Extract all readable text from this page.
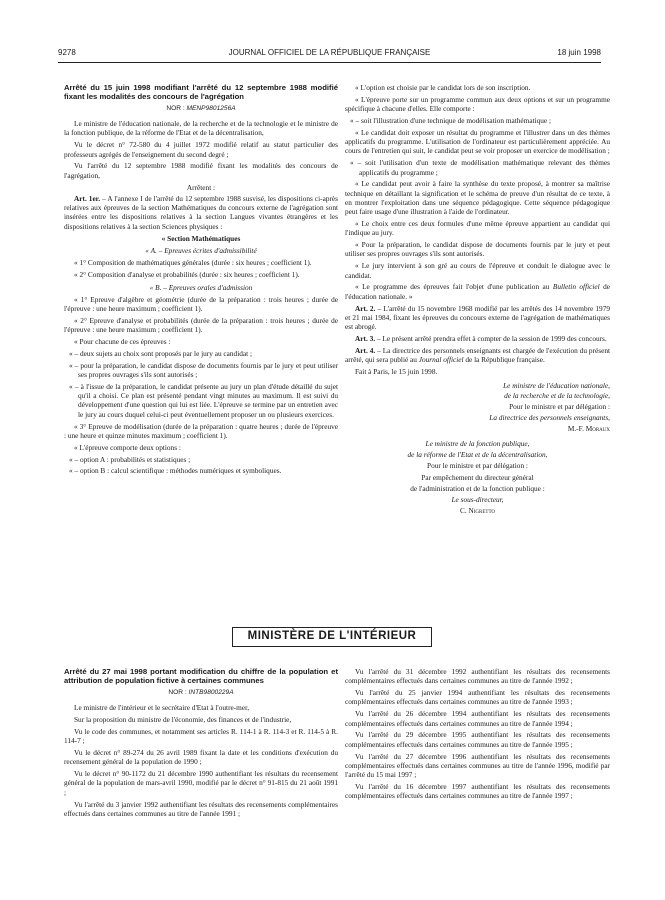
9278	JOURNAL OFFICIEL DE LA RÉPUBLIQUE FRANÇAISE	18 juin 1998
Arrêté du 15 juin 1998 modifiant l'arrêté du 12 septembre 1988 modifié fixant les modalités des concours de l'agrégation
NOR : MENP9801256A

Le ministre de l'éducation nationale, de la recherche et de la technologie et le ministre de la fonction publique, de la réforme de l'Etat et de la décentralisation,

Vu le décret n° 72-580 du 4 juillet 1972 modifié relatif au statut particulier des professeurs agrégés de l'enseignement du second degré ;

Vu l'arrêté du 12 septembre 1988 modifié fixant les modalités des concours de l'agrégation,

Arrêtent :

Art. 1er. – A l'annexe I de l'arrêté du 12 septembre 1988 susvisé, les dispositions ci-après relatives aux épreuves de la section Mathématiques du concours externe de l'agrégation sont insérées entre les dispositions relatives à la section Langues vivantes étrangères et les dispositions relatives à la section Sciences physiques :

« Section Mathématiques
« A. – Epreuves écrites d'admissibilité

« 1° Composition de mathématiques générales (durée : six heures ; coefficient 1).

« 2° Composition d'analyse et probabilités (durée : six heures ; coefficient 1).

« B. – Epreuves orales d'admission

« 1° Epreuve d'algèbre et géométrie (durée de la préparation : trois heures ; durée de l'épreuve : une heure maximum ; coefficient 1).

« 2° Epreuve d'analyse et probabilités (durée de la préparation : trois heures ; durée de l'épreuve : une heure maximum ; coefficient 1).

« Pour chacune de ces épreuves :

« – deux sujets au choix sont proposés par le jury au candidat ;

« – pour la préparation, le candidat dispose de documents fournis par le jury et peut utiliser ses propres ouvrages s'ils sont autorisés ;

« – à l'issue de la préparation, le candidat présente au jury un plan d'étude détaillé du sujet qu'il a choisi. Ce plan est présenté pendant vingt minutes au maximum. Il est suivi du développement d'une question qui lui est liée. L'épreuve se termine par un entretien avec le jury au cours duquel celui-ci peut éventuellement proposer un ou plusieurs exercices.

« 3° Epreuve de modélisation (durée de la préparation : quatre heures ; durée de l'épreuve : une heure et quinze minutes maximum ; coefficient 1).

« L'épreuve comporte deux options :

« – option A : probabilités et statistiques ;

« – option B : calcul scientifique : méthodes numériques et symboliques.

« L'option est choisie par le candidat lors de son inscription.

« L'épreuve porte sur un programme commun aux deux options et sur un programme spécifique à chacune d'elles. Elle comporte :

« – soit l'illustration d'une technique de modélisation mathématique ;

« Le candidat doit exposer un résultat du programme et l'illustrer dans un des thèmes applicatifs du programme. L'utilisation de l'ordinateur est particulièrement appréciée. Au cours de l'entretien qui suit, le candidat peut se voir proposer un exercice de modélisation ;

« – soit l'utilisation d'un texte de modélisation mathématique relevant des thèmes applicatifs du programme ;

« Le candidat peut avoir à faire la synthèse du texte proposé, à montrer sa maîtrise technique en détaillant la signification et le schéma de preuve d'un résultat de ce texte, à en montrer l'exploitation dans une séquence pédagogique. Cette séquence pédagogique peut faire usage d'une illustration à l'aide de l'ordinateur.

« Le choix entre ces deux formules d'une même épreuve appartient au candidat qui l'indique au jury.

« Pour la préparation, le candidat dispose de documents fournis par le jury et peut utiliser ses propres ouvrages s'ils sont autorisés.

« Le jury intervient à son gré au cours de l'épreuve et conduit le dialogue avec le candidat.

« Le programme des épreuves fait l'objet d'une publication au Bulletin officiel de l'éducation nationale. »

Art. 2. – L'arrêté du 15 novembre 1968 modifié par les arrêtés des 14 novembre 1979 et 21 mai 1984, fixant les épreuves du concours externe de l'agrégation de mathématiques est abrogé.

Art. 3. – Le présent arrêté prendra effet à compter de la session de 1999 des concours.

Art. 4. – La directrice des personnels enseignants est chargée de l'exécution du présent arrêté, qui sera publié au Journal officiel de la République française.

Fait à Paris, le 15 juin 1998.

Le ministre de l'éducation nationale,

de la recherche et de la technologie,

Pour le ministre et par délégation :

La directrice des personnels enseignants,

M.-F. Moraux

Le ministre de la fonction publique,

de la réforme de l'Etat et de la décentralisation,

Pour le ministre et par délégation :

Par empêchement du directeur général

de l'administration et de la fonction publique :

Le sous-directeur,

C. Nigretto

MINISTÈRE DE L'INTÉRIEUR
Arrêté du 27 mai 1998 portant modification du chiffre de la population et attribution de population fictive à certaines communes
NOR : INTB9800229A

Le ministre de l'intérieur et le secrétaire d'Etat à l'outre-mer,

Sur la proposition du ministre de l'économie, des finances et de l'industrie,

Vu le code des communes, et notamment ses articles R. 114-1 à R. 114-3 et R. 114-5 à R. 114-7 ;

Vu le décret n° 89-274 du 26 avril 1989 fixant la date et les conditions d'exécution du recensement général de la population de 1990 ;

Vu le décret n° 90-1172 du 21 décembre 1990 authentifiant les résultats du recensement général de la population de mars-avril 1990, modifié par le décret n° 91-815 du 21 août 1991 ;

Vu l'arrêté du 3 janvier 1992 authentifiant les résultats des recensements complémentaires effectués dans certaines communes au titre de l'année 1991 ;

Vu l'arrêté du 31 décembre 1992 authentifiant les résultats des recensements complémentaires effectués dans certaines communes au titre de l'année 1992 ;

Vu l'arrêté du 25 janvier 1994 authentifiant les résultats des recensements complémentaires effectués dans certaines communes au titre de l'année 1993 ;

Vu l'arrêté du 26 décembre 1994 authentifiant les résultats des recensements complémentaires effectués dans certaines communes au titre de l'année 1994 ;

Vu l'arrêté du 29 décembre 1995 authentifiant les résultats des recensements complémentaires effectués dans certaines communes au titre de l'année 1995 ;

Vu l'arrêté du 27 décembre 1996 authentifiant les résultats des recensements complémentaires effectués dans certaines communes au titre de l'année 1996, modifié par l'arrêté du 15 mai 1997 ;

Vu l'arrêté du 16 décembre 1997 authentifiant les résultats des recensements complémentaires effectués dans certaines communes au titre de l'année 1997 ;
